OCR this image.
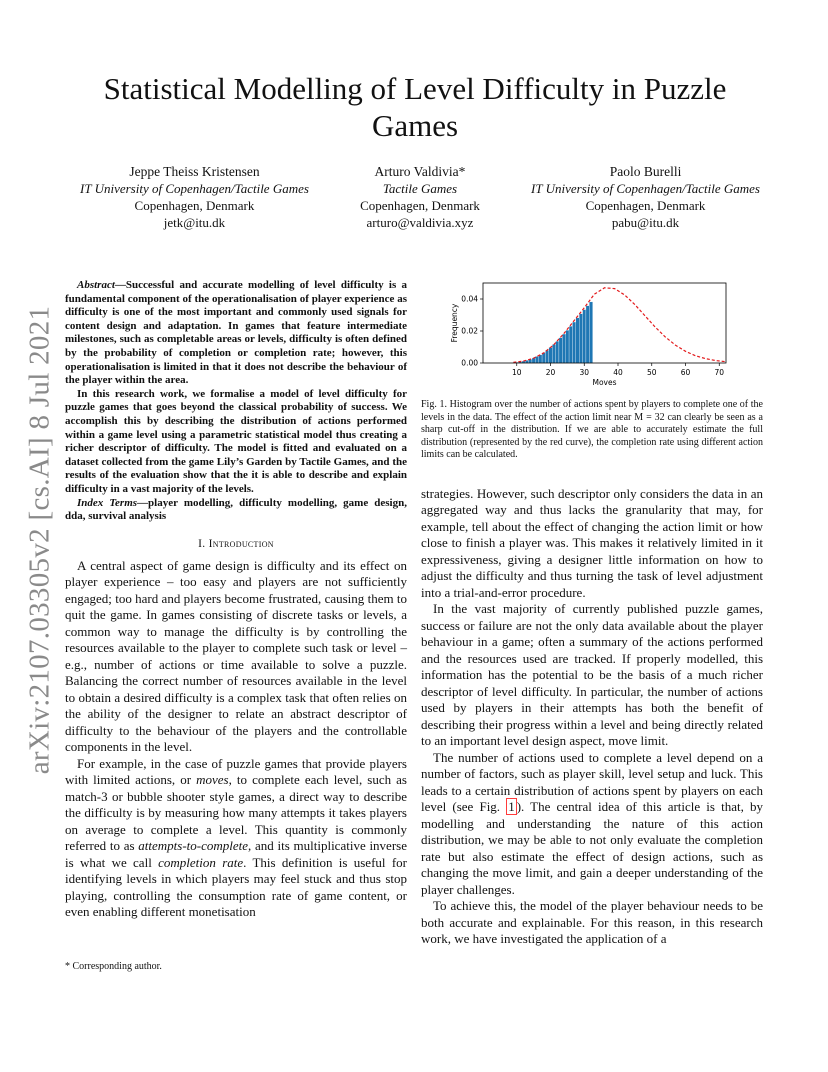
arXiv:2107.03305v2 [cs.AI] 8 Jul 2021
Statistical Modelling of Level Difficulty in Puzzle Games
Jeppe Theiss Kristensen
IT University of Copenhagen/Tactile Games
Copenhagen, Denmark
jetk@itu.dk
Arturo Valdivia*
Tactile Games
Copenhagen, Denmark
arturo@valdivia.xyz
Paolo Burelli
IT University of Copenhagen/Tactile Games
Copenhagen, Denmark
pabu@itu.dk

Abstract—Successful and accurate modelling of level difficulty is a fundamental component of the operationalisation of player experience as difficulty is one of the most important and commonly used signals for content design and adaptation. In games that feature intermediate milestones, such as completable areas or levels, difficulty is often defined by the probability of completion or completion rate; however, this operationalisation is limited in that it does not describe the behaviour of the player within the area.

In this research work, we formalise a model of level difficulty for puzzle games that goes beyond the classical probability of success. We accomplish this by describing the distribution of actions performed within a game level using a parametric statistical model thus creating a richer descriptor of difficulty. The model is fitted and evaluated on a dataset collected from the game Lily’s Garden by Tactile Games, and the results of the evaluation show that the it is able to describe and explain difficulty in a vast majority of the levels.

Index Terms—player modelling, difficulty modelling, game design, dda, survival analysis

I. Introduction

A central aspect of game design is difficulty and its effect on player experience – too easy and players are not sufficiently engaged; too hard and players become frustrated, causing them to quit the game. In games consisting of discrete tasks or levels, a common way to manage the difficulty is by controlling the resources available to the player to complete such task or level – e.g., number of actions or time available to solve a puzzle. Balancing the correct number of resources available in the level to obtain a desired difficulty is a complex task that often relies on the ability of the designer to relate an abstract descriptor of difficulty to the behaviour of the players and the controllable components in the level.

For example, in the case of puzzle games that provide players with limited actions, or moves, to complete each level, such as match-3 or bubble shooter style games, a direct way to describe the difficulty is by measuring how many attempts it takes players on average to complete a level. This quantity is commonly referred to as attempts-to-complete, and its multiplicative inverse is what we call completion rate. This definition is useful for identifying levels in which players may feel stuck and thus stop playing, controlling the consumption rate of game content, or even enabling different monetisation

* Corresponding author.
10	20	30	40	50	60	70
0.00
0.02
0.04
Moves
Frequency

Fig. 1. Histogram over the number of actions spent by players to complete one of the levels in the data. The effect of the action limit near M = 32 can clearly be seen as a sharp cut-off in the distribution. If we are able to accurately estimate the full distribution (represented by the red curve), the completion rate using different action limits can be calculated.

strategies. However, such descriptor only considers the data in an aggregated way and thus lacks the granularity that may, for example, tell about the effect of changing the action limit or how close to finish a player was. This makes it relatively limited in it expressiveness, giving a designer little information on how to adjust the difficulty and thus turning the task of level adjustment into a trial-and-error procedure.

In the vast majority of currently published puzzle games, success or failure are not the only data available about the player behaviour in a game; often a summary of the actions performed and the resources used are tracked. If properly modelled, this information has the potential to be the basis of a much richer descriptor of level difficulty. In particular, the number of actions used by players in their attempts has both the benefit of describing their progress within a level and being directly related to an important level design aspect, move limit.

The number of actions used to complete a level depend on a number of factors, such as player skill, level setup and luck. This leads to a certain distribution of actions spent by players on each level (see Fig. 1 ). The central idea of this article is that, by modelling and understanding the nature of this action distribution, we may be able to not only evaluate the completion rate but also estimate the effect of design actions, such as changing the move limit, and gain a deeper understanding of the player challenges.

To achieve this, the model of the player behaviour needs to be both accurate and explainable. For this reason, in this research work, we have investigated the application of a
